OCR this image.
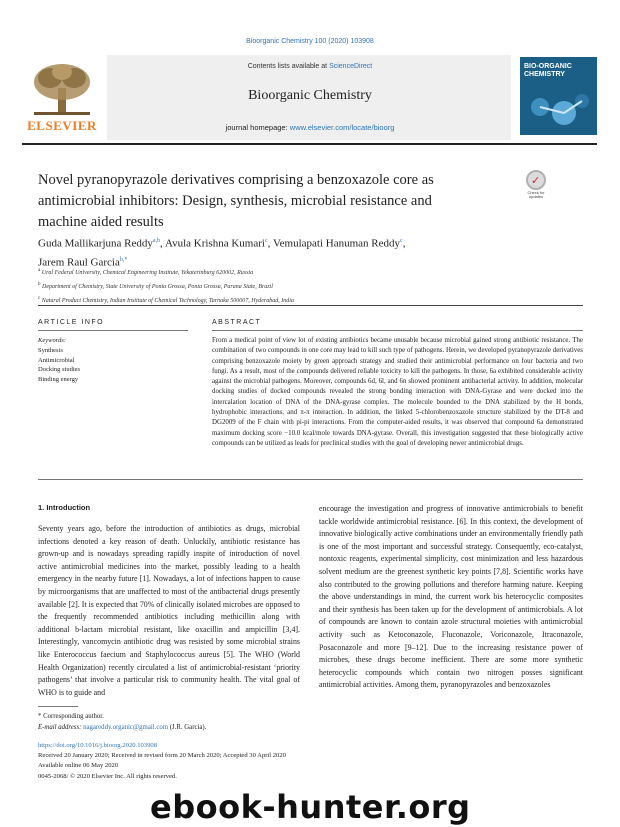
Bioorganic Chemistry 100 (2020) 103908
ELSEVIER
Contents lists available at ScienceDirect
Bioorganic Chemistry
journal homepage: www.elsevier.com/locate/bioorg
BIO-ORGANIC CHEMISTRY
Novel pyranopyrazole derivatives comprising a benzoxazole core as antimicrobial inhibitors: Design, synthesis, microbial resistance and machine aided results
✓
Check for updates
Guda Mallikarjuna Reddy$^{a,b}$, Avula Krishna Kumari$^c$, Vemulapati Hanuman Reddy$^c$,
Jarem Raul Garcia$^{b,*}$
$^a$ Ural Federal University, Chemical Engineering Institute, Yekaterinburg 620002, Russia
$^b$ Department of Chemistry, State University of Ponta Grossa, Ponta Grossa, Parana State, Brazil
$^c$ Natural Product Chemistry, Indian Institute of Chemical Technology, Tarnaka 500007, Hyderabad, India
ARTICLE INFO
Keywords:
Synthesis
Antimicrobial
Docking studies
Binding energy
ABSTRACT
From a medical point of view lot of existing antibiotics became unusable because microbial gained strong antibiotic resistance. The combination of two compounds in one core may lead to kill such type of pathogens. Herein, we developed pyranopyrazole derivatives comprising benzoxazole moiety by green approach strategy and studied their antimicrobial performance on four bacteria and two fungi. As a result, most of the compounds delivered reliable toxicity to kill the pathogens. In those, 6a exhibited considerable activity against the microbial pathogens. Moreover, compounds 6d, 6l, and 6n showed prominent antibacterial activity. In addition, molecular docking studies of docked compounds revealed the strong bonding interaction with DNA-Gyrase and were docked into the intercalation location of DNA of the DNA-gyrase complex. The molecule bounded to the DNA stabilized by the H bonds, hydrophobic interactions, and π-π interaction. In addition, the linked 5-chlorobenzoxazole structure stabilized by the DT-8 and DG2009 of the F chain with pi-pi interactions. From the computer-aided results, it was observed that compound 6a demonstrated maximum docking score −10.0 kcal/mole towards DNA-gyrase. Overall, this investigation suggested that these biologically active compounds can be utilized as leads for preclinical studies with the goal of developing newer antimicrobial drugs.
1. Introduction
Seventy years ago, before the introduction of antibiotics as drugs, microbial infections denoted a key reason of death. Unluckily, antibiotic resistance has grown-up and is nowadays spreading rapidly inspite of introduction of novel active antimicrobial medicines into the market, possibly leading to a health emergency in the nearby future [1]. Nowadays, a lot of infections happen to cause by microorganisms that are unaffected to most of the antibacterial drugs presently available [2]. It is expected that 70% of clinically isolated microbes are opposed to the frequently recommended antibiotics including methicillin along with additional b-lactam microbial resistant, like oxacillin and ampicillin [3,4]. Interestingly, vancomycin antibiotic drug was resisted by some microbial strains like Enterococcus faecium and Staphylococcus aureus [5]. The WHO (World Health Organization) recently circulated a list of antimicrobial-resistant ‘priority pathogens’ that involve a particular risk to community health. The vital goal of WHO is to guide and
encourage the investigation and progress of innovative antimicrobials to benefit tackle worldwide antimicrobial resistance. [6]. In this context, the development of innovative biologically active combinations under an environmentally friendly path is one of the most important and successful strategy. Consequently, eco-catalyst, nontoxic reagents, experimental simplicity, cost minimization and less hazardous solvent medium are the greenest synthetic key points [7,8]. Scientific works have also contributed to the growing pollutions and therefore harming nature. Keeping the above understandings in mind, the current work bis heterocyclic composites and their synthesis has been taken up for the development of antimicrobials. A lot of compounds are known to contain azole structural moieties with antimicrobial activity such as Ketoconazole, Fluconazole, Voriconazole, Itraconazole, Posaconazole and more [9–12]. Due to the increasing resistance power of microbes, these drugs become inefficient. There are some more synthetic heterocyclic compounds which contain two nitrogen posses significant antimicrobial activities. Among them, pyranopyrazoles and benzoxazoles
* Corresponding author.
E-mail address: nagareddy.organic@gmail.com (J.R. Garcia).
https://doi.org/10.1016/j.bioorg.2020.103908
Received 20 January 2020; Received in revised form 20 March 2020; Accepted 30 April 2020
Available online 06 May 2020
0045-2068/ © 2020 Elsevier Inc. All rights reserved.
ebook-hunter.org
